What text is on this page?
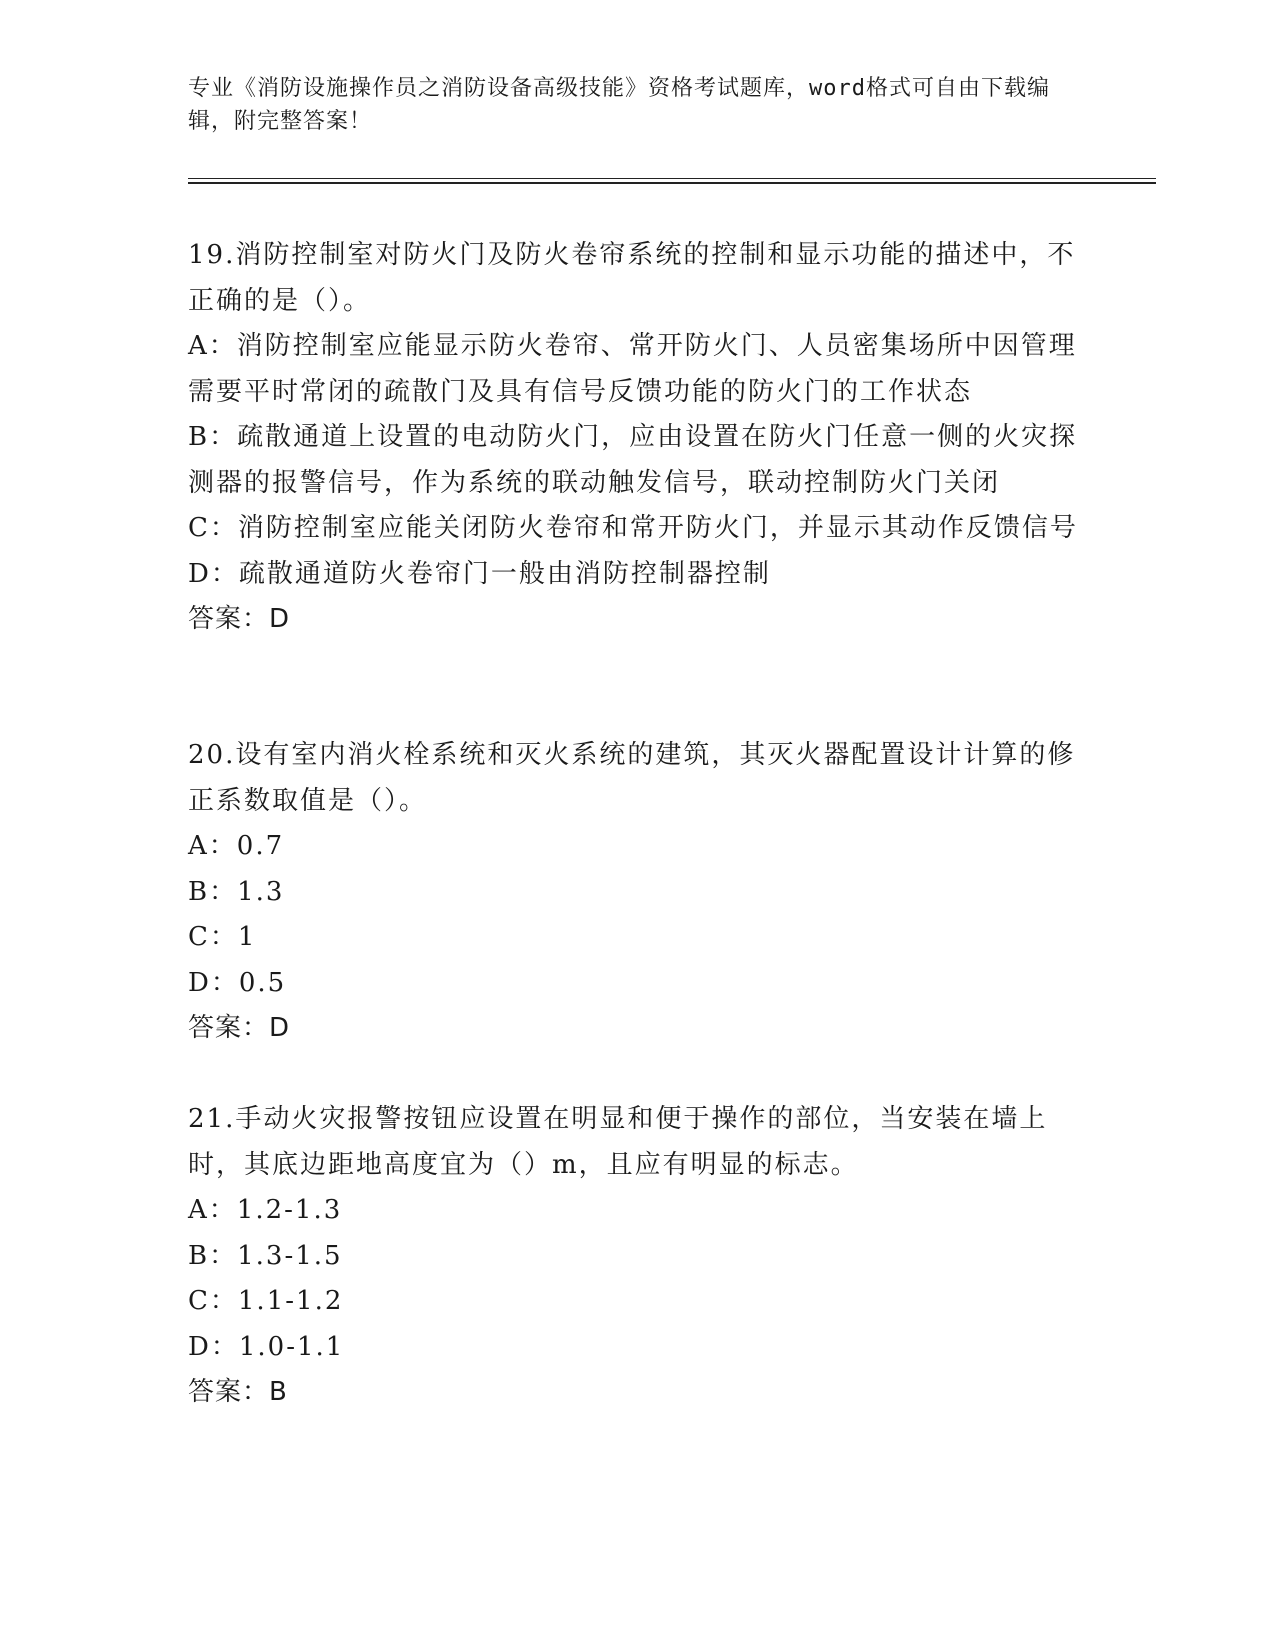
专业《消防设施操作员之消防设备高级技能》资格考试题库，word格式可自由下载编辑，附完整答案！
19.消防控制室对防火门及防火卷帘系统的控制和显示功能的描述中，不正确的是（）。
A：消防控制室应能显示防火卷帘、常开防火门、人员密集场所中因管理需要平时常闭的疏散门及具有信号反馈功能的防火门的工作状态
B：疏散通道上设置的电动防火门，应由设置在防火门任意一侧的火灾探测器的报警信号，作为系统的联动触发信号，联动控制防火门关闭
C：消防控制室应能关闭防火卷帘和常开防火门，并显示其动作反馈信号
D：疏散通道防火卷帘门一般由消防控制器控制
答案：D
20.设有室内消火栓系统和灭火系统的建筑，其灭火器配置设计计算的修正系数取值是（）。
A：0.7
B：1.3
C：1
D：0.5
答案：D
21.手动火灾报警按钮应设置在明显和便于操作的部位，当安装在墙上时，其底边距地高度宜为（）m，且应有明显的标志。
A：1.2-1.3
B：1.3-1.5
C：1.1-1.2
D：1.0-1.1
答案：B
